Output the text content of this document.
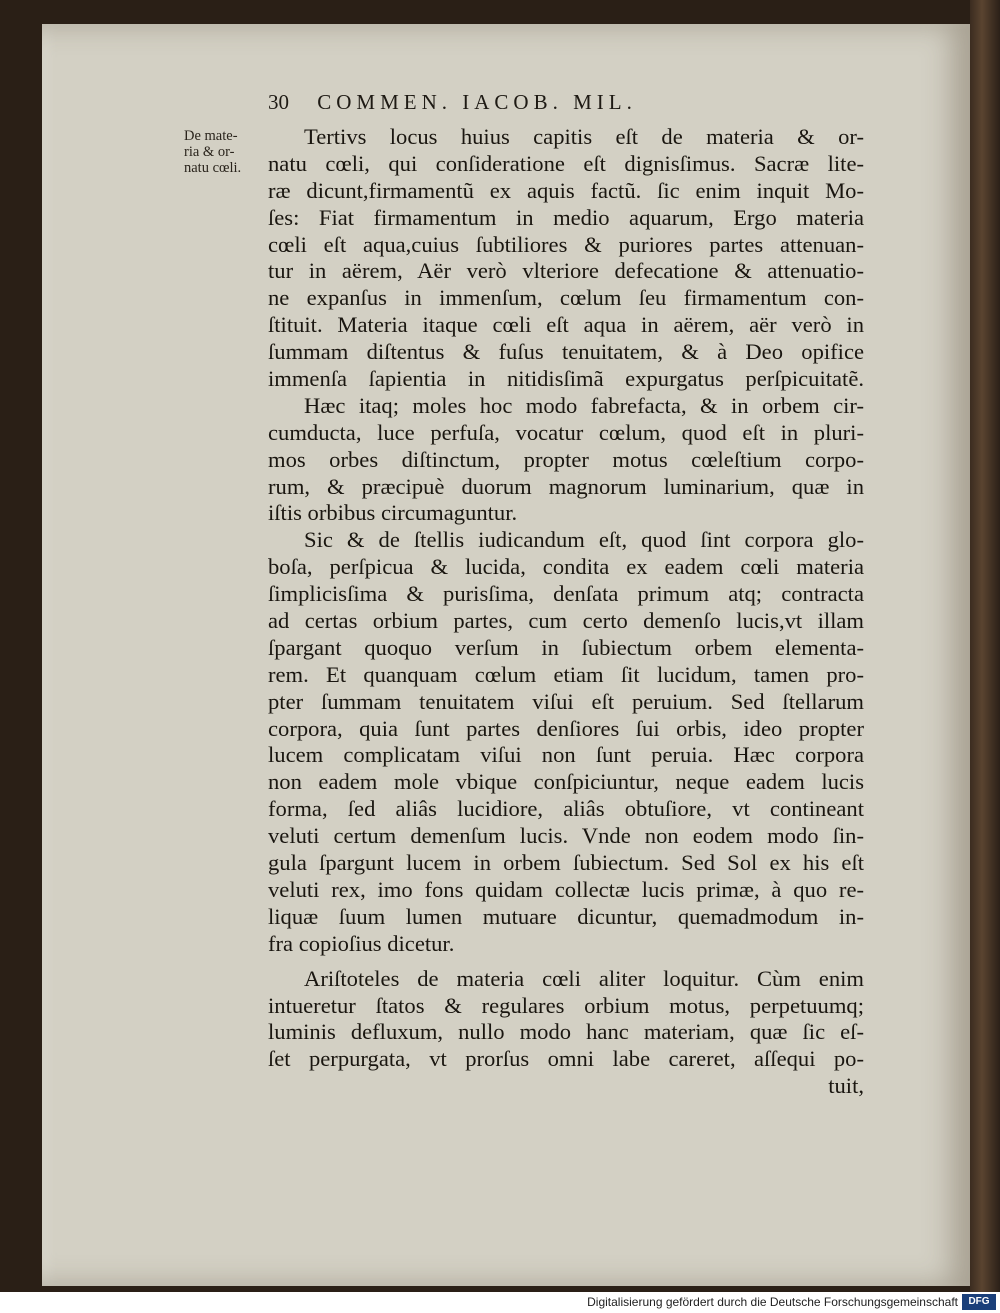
30 COMMEN. IACOB. MIL.
De mate-
ria & or-
natu cœli.
Tertivs locus huius capitis eſt de materia & or-
natu cœli, qui conſideratione eſt dignisſimus. Sacræ lite-
ræ dicunt,firmamentũ ex aquis factũ. ſic enim inquit Mo-
ſes: Fiat firmamentum in medio aquarum, Ergo materia
cœli eſt aqua,cuius ſubtiliores & puriores partes attenuan-
tur in aërem, Aër verò vlteriore defecatione & attenuatio-
ne expanſus in immenſum, cœlum ſeu firmamentum con-
ſtituit. Materia itaque cœli eſt aqua in aërem, aër verò in
ſummam diſtentus & fuſus tenuitatem, & à Deo opifice
immenſa ſapientia in nitidisſimã expurgatus perſpicuitatẽ.
Hæc itaq; moles hoc modo fabrefacta, & in orbem cir-
cumducta, luce perfuſa, vocatur cœlum, quod eſt in pluri-
mos orbes diſtinctum, propter motus cœleſtium corpo-
rum, & præcipuè duorum magnorum luminarium, quæ in
iſtis orbibus circumaguntur.
Sic & de ſtellis iudicandum eſt, quod ſint corpora glo-
boſa, perſpicua & lucida, condita ex eadem cœli materia
ſimplicisſima & purisſima, denſata primum atq; contracta
ad certas orbium partes, cum certo demenſo lucis,vt illam
ſpargant quoquo verſum in ſubiectum orbem elementa-
rem. Et quanquam cœlum etiam ſit lucidum, tamen pro-
pter ſummam tenuitatem viſui eſt peruium. Sed ſtellarum
corpora, quia ſunt partes denſiores ſui orbis, ideo propter
lucem complicatam viſui non ſunt peruia. Hæc corpora
non eadem mole vbique conſpiciuntur, neque eadem lucis
forma, ſed aliâs lucidiore, aliâs obtuſiore, vt contineant
veluti certum demenſum lucis. Vnde non eodem modo ſin-
gula ſpargunt lucem in orbem ſubiectum. Sed Sol ex his eſt
veluti rex, imo fons quidam collectæ lucis primæ, à quo re-
liquæ ſuum lumen mutuare dicuntur, quemadmodum in-
fra copioſius dicetur.
Ariſtoteles de materia cœli aliter loquitur. Cùm enim
intueretur ſtatos & regulares orbium motus, perpetuumq;
luminis defluxum, nullo modo hanc materiam, quæ ſic eſ-
ſet perpurgata, vt prorſus omni labe careret, aſſequi po-
tuit,
Digitalisierung gefördert durch die Deutsche Forschungsgemeinschaft	DFG
